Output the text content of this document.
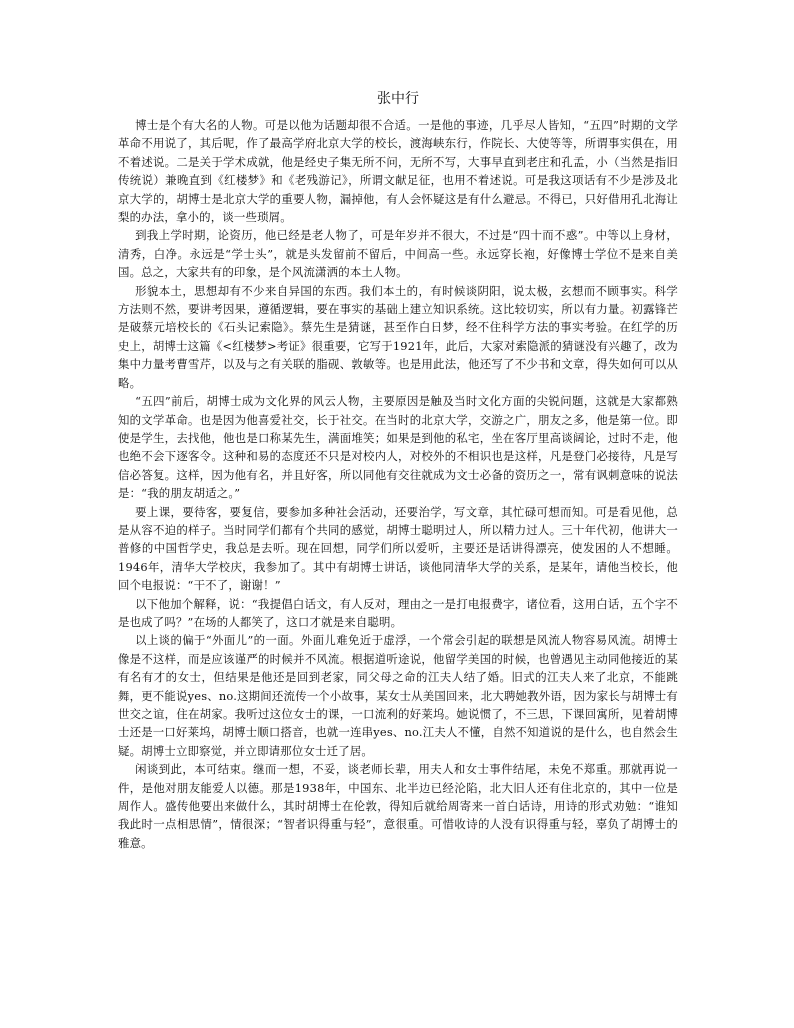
张中行

博士是个有大名的人物。可是以他为话题却很不合适。一是他的事迹，几乎尽人皆知，“五四”时期的文学革命不用说了，其后呢，作了最高学府北京大学的校长，渡海峡东行，作院长、大使等等，所谓事实俱在，用不着述说。二是关于学术成就，他是经史子集无所不问，无所不写，大事早直到老庄和孔孟，小（当然是指旧传统说）兼晚直到《红楼梦》和《老残游记》，所谓文献足征，也用不着述说。可是我这项话有不少是涉及北京大学的，胡博士是北京大学的重要人物，漏掉他，有人会怀疑这是有什么避忌。不得已，只好借用孔北海让梨的办法，拿小的，谈一些琐屑。

到我上学时期，论资历，他已经是老人物了，可是年岁并不很大，不过是“四十而不惑”。中等以上身材，清秀，白净。永远是“学士头”，就是头发留前不留后，中间高一些。永远穿长袍，好像博士学位不是来自美国。总之，大家共有的印象，是个风流潇洒的本土人物。

形貌本土，思想却有不少来自异国的东西。我们本土的，有时候谈阴阳，说太极，玄想而不顾事实。科学方法则不然，要讲考因果，遵循逻辑，要在事实的基础上建立知识系统。这比较切实，所以有力量。初露锋芒是破蔡元培校长的《石头记索隐》。蔡先生是猜谜，甚至作白日梦，经不住科学方法的事实考验。在红学的历史上，胡博士这篇《<红楼梦>考证》很重要，它写于1921年，此后，大家对索隐派的猜谜没有兴趣了，改为集中力量考曹雪芹，以及与之有关联的脂砚、敦敏等。也是用此法，他还写了不少书和文章，得失如何可以从略。

“五四”前后，胡博士成为文化界的风云人物，主要原因是触及当时文化方面的尖锐问题，这就是大家都熟知的文学革命。也是因为他喜爱社交，长于社交。在当时的北京大学，交游之广，朋友之多，他是第一位。即使是学生，去找他，他也是口称某先生，满面堆笑；如果是到他的私宅，坐在客厅里高谈阔论，过时不走，他也绝不会下逐客令。这种和易的态度还不只是对校内人，对校外的不相识也是这样，凡是登门必接待，凡是写信必答复。这样，因为他有名，并且好客，所以同他有交往就成为文士必备的资历之一，常有讽刺意味的说法是：“我的朋友胡适之。”

要上课，要待客，要复信，要参加多种社会活动，还要治学，写文章，其忙碌可想而知。可是看见他，总是从容不迫的样子。当时同学们都有个共同的感觉，胡博士聪明过人，所以精力过人。三十年代初，他讲大一普修的中国哲学史，我总是去听。现在回想，同学们所以爱听，主要还是话讲得漂亮，使发困的人不想睡。1946年，清华大学校庆，我参加了。其中有胡博士讲话，谈他同清华大学的关系，是某年，请他当校长，他回个电报说：“干不了，谢谢！”

以下他加个解释，说：“我提倡白话文，有人反对，理由之一是打电报费字，诸位看，这用白话，五个字不是也成了吗？”在场的人都笑了，这口才就是来自聪明。

以上谈的偏于“外面儿”的一面。外面儿难免近于虚浮，一个常会引起的联想是风流人物容易风流。胡博士像是不这样，而是应该谨严的时候并不风流。根据道听途说，他留学美国的时候，也曾遇见主动同他接近的某有名有才的女士，但结果是他还是回到老家，同父母之命的江夫人结了婚。旧式的江夫人来了北京，不能跳舞，更不能说yes、no.这期间还流传一个小故事，某女士从美国回来，北大聘她教外语，因为家长与胡博士有世交之谊，住在胡家。我听过这位女士的课，一口流利的好莱坞。她说惯了，不三思，下课回寓所，见着胡博士还是一口好莱坞，胡博士顺口搭音，也就一连串yes、no.江夫人不懂，自然不知道说的是什么，也自然会生疑。胡博士立即察觉，并立即请那位女士迁了居。

闲谈到此，本可结束。继而一想，不妥，谈老师长辈，用夫人和女士事件结尾，未免不郑重。那就再说一件，是他对朋友能爱人以德。那是1938年，中国东、北半边已经沦陷，北大旧人还有住北京的，其中一位是周作人。盛传他要出来做什么，其时胡博士在伦敦，得知后就给周寄来一首白话诗，用诗的形式劝勉：“谁知我此时一点相思情”，情很深；“智者识得重与轻”，意很重。可惜收诗的人没有识得重与轻，辜负了胡博士的雅意。
